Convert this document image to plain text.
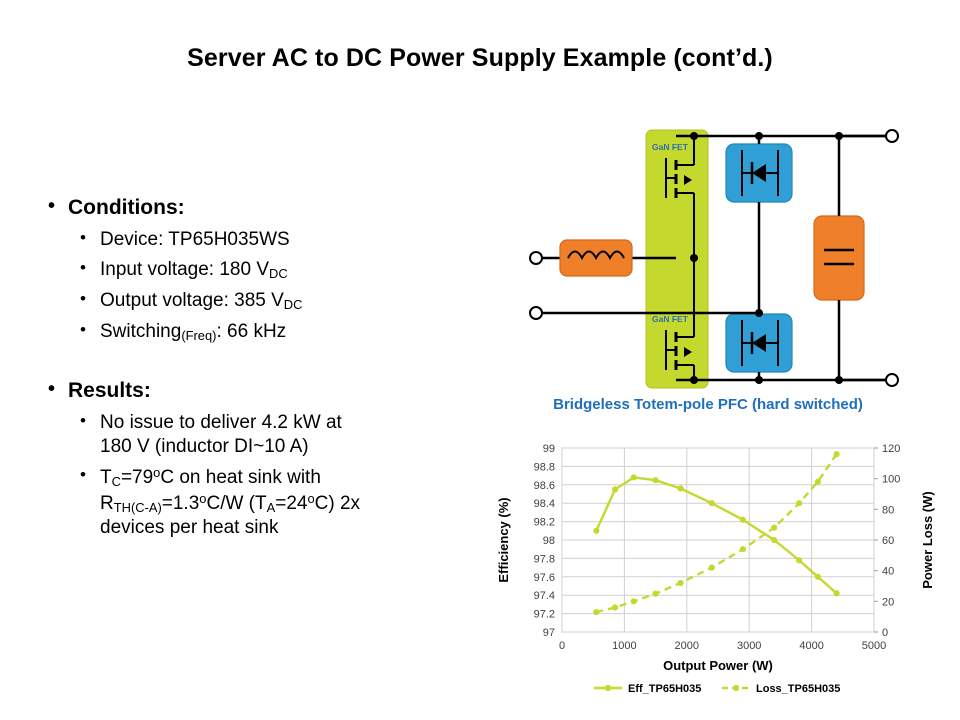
Server AC to DC Power Supply Example (cont’d.)
• Conditions:
• Device: TP65H035WS
• Input voltage: 180 $V_{DC}$
• Output voltage: 385 $V_{DC}$
• Switching$_{(Freq)}$: 66 kHz
• Results:
• No issue to deliver 4.2 kW at
180 V (inductor DI~10 A)
• $T_C=79^oC$ on heat sink with
$R_{TH(C-A)}=1.3^oC/W$ $(T_A=24^oC)$ 2x
devices per heat sink
GaN FET
GaN FET
Bridgeless Totem-pole PFC (hard switched)
97
97.2
97.4
97.6
97.8
98
98.2
98.4
98.6
98.8
99
0	1000	2000	3000	4000	5000
0
20
40
60
80
100
120
Output Power (W)
Efficiency (%)	Power Loss (W)
Eff_TP65H035	Loss_TP65H035
